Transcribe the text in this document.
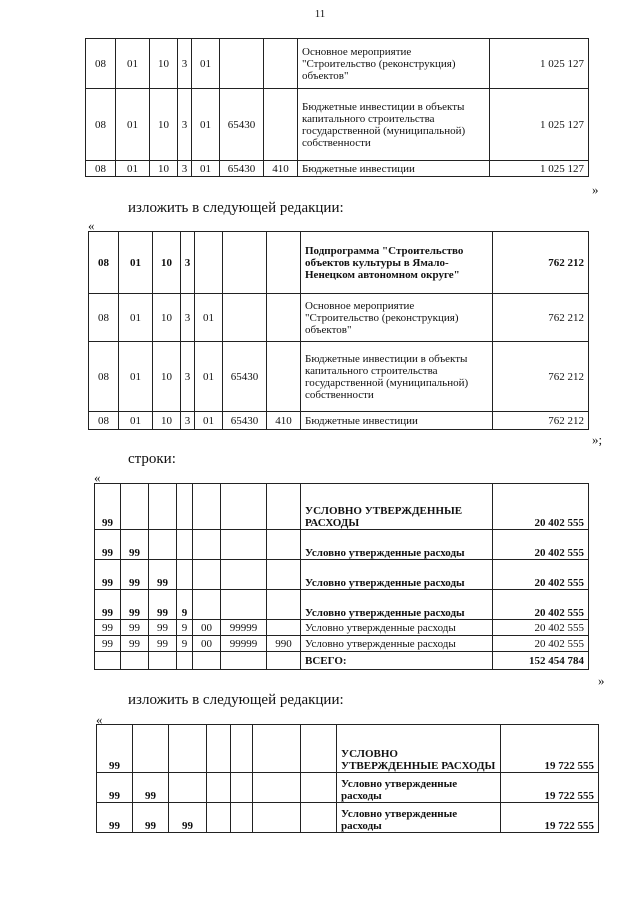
11
08	01	10	3	01			Основное мероприятие "Строительство (реконструкция) объектов"	1 025 127
08	01	10	3	01	65430		Бюджетные инвестиции в объекты капитального строительства государственной (муниципальной) собственности	1 025 127
08	01	10	3	01	65430	410	Бюджетные инвестиции	1 025 127
»
изложить в следующей редакции:
«
08	01	10	3				Подпрограмма "Строительство объектов культуры в Ямало-Ненецком автономном округе"	762 212
08	01	10	3	01			Основное мероприятие "Строительство (реконструкция) объектов"	762 212
08	01	10	3	01	65430		Бюджетные инвестиции в объекты капитального строительства государственной (муниципальной) собственности	762 212
08	01	10	3	01	65430	410	Бюджетные инвестиции	762 212
»;
строки:
«
99							УСЛОВНО УТВЕРЖДЕННЫЕ РАСХОДЫ	20 402 555
99	99						Условно утвержденные расходы	20 402 555
99	99	99					Условно утвержденные расходы	20 402 555
99	99	99	9				Условно утвержденные расходы	20 402 555
99	99	99	9	00	99999		Условно утвержденные расходы	20 402 555
99	99	99	9	00	99999	990	Условно утвержденные расходы	20 402 555
							ВСЕГО:	152 454 784
»
изложить в следующей редакции:
«
99							УСЛОВНО УТВЕРЖДЕННЫЕ РАСХОДЫ	19 722 555
99	99						Условно утвержденные расходы	19 722 555
99	99	99					Условно утвержденные расходы	19 722 555
